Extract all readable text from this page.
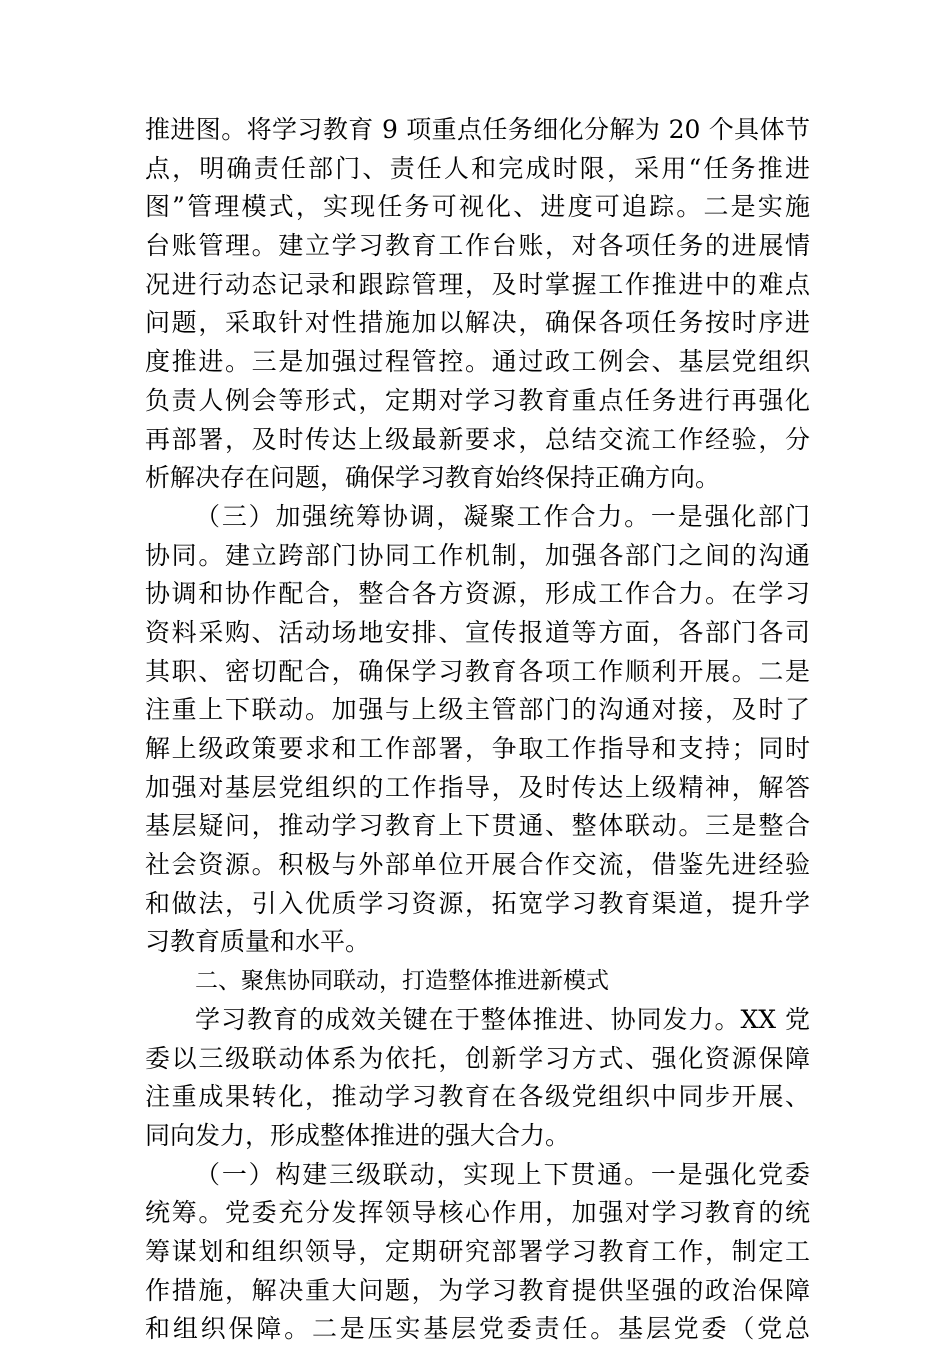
推进图。将学习教育 9 项重点任务细化分解为 20 个具体节
点，明确责任部门、责任人和完成时限，采用“任务推进
图”管理模式，实现任务可视化、进度可追踪。二是实施
台账管理。建立学习教育工作台账，对各项任务的进展情
况进行动态记录和跟踪管理，及时掌握工作推进中的难点
问题，采取针对性措施加以解决，确保各项任务按时序进
度推进。三是加强过程管控。通过政工例会、基层党组织
负责人例会等形式，定期对学习教育重点任务进行再强化
再部署，及时传达上级最新要求，总结交流工作经验，分
析解决存在问题，确保学习教育始终保持正确方向。
（三）加强统筹协调，凝聚工作合力。一是强化部门
协同。建立跨部门协同工作机制，加强各部门之间的沟通
协调和协作配合，整合各方资源，形成工作合力。在学习
资料采购、活动场地安排、宣传报道等方面，各部门各司
其职、密切配合，确保学习教育各项工作顺利开展。二是
注重上下联动。加强与上级主管部门的沟通对接，及时了
解上级政策要求和工作部署，争取工作指导和支持；同时
加强对基层党组织的工作指导，及时传达上级精神，解答
基层疑问，推动学习教育上下贯通、整体联动。三是整合
社会资源。积极与外部单位开展合作交流，借鉴先进经验
和做法，引入优质学习资源，拓宽学习教育渠道，提升学
习教育质量和水平。
二、聚焦协同联动，打造整体推进新模式
学习教育的成效关键在于整体推进、协同发力。XX 党
委以三级联动体系为依托，创新学习方式、强化资源保障
注重成果转化，推动学习教育在各级党组织中同步开展、
同向发力，形成整体推进的强大合力。
（一）构建三级联动，实现上下贯通。一是强化党委
统筹。党委充分发挥领导核心作用，加强对学习教育的统
筹谋划和组织领导，定期研究部署学习教育工作，制定工
作措施，解决重大问题，为学习教育提供坚强的政治保障
和组织保障。二是压实基层党委责任。基层党委（党总
